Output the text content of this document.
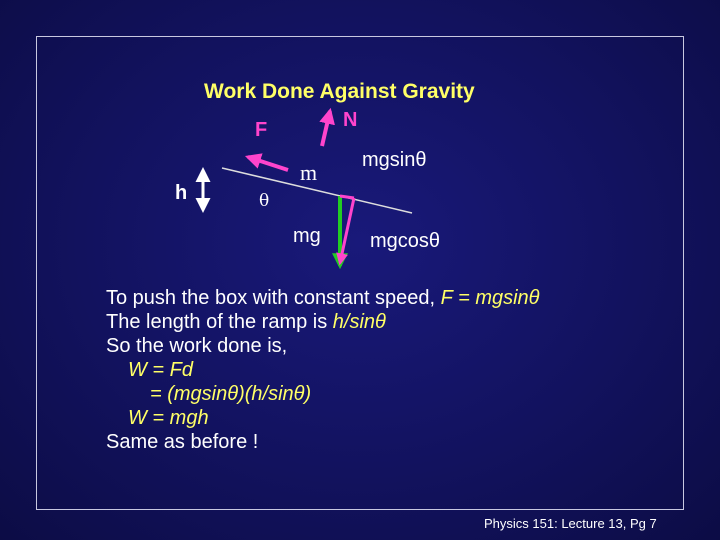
Work Done Against Gravity
F	N
m mgsinθ
h	θ
mg mgcosθ
To push the box with constant speed, F = mgsinθ
The length of the ramp is h/sinθ
So the work done is,
W = Fd
= (mgsinθ)(h/sinθ)
W = mgh
Same as before !
Physics 151: Lecture 13, Pg 7
